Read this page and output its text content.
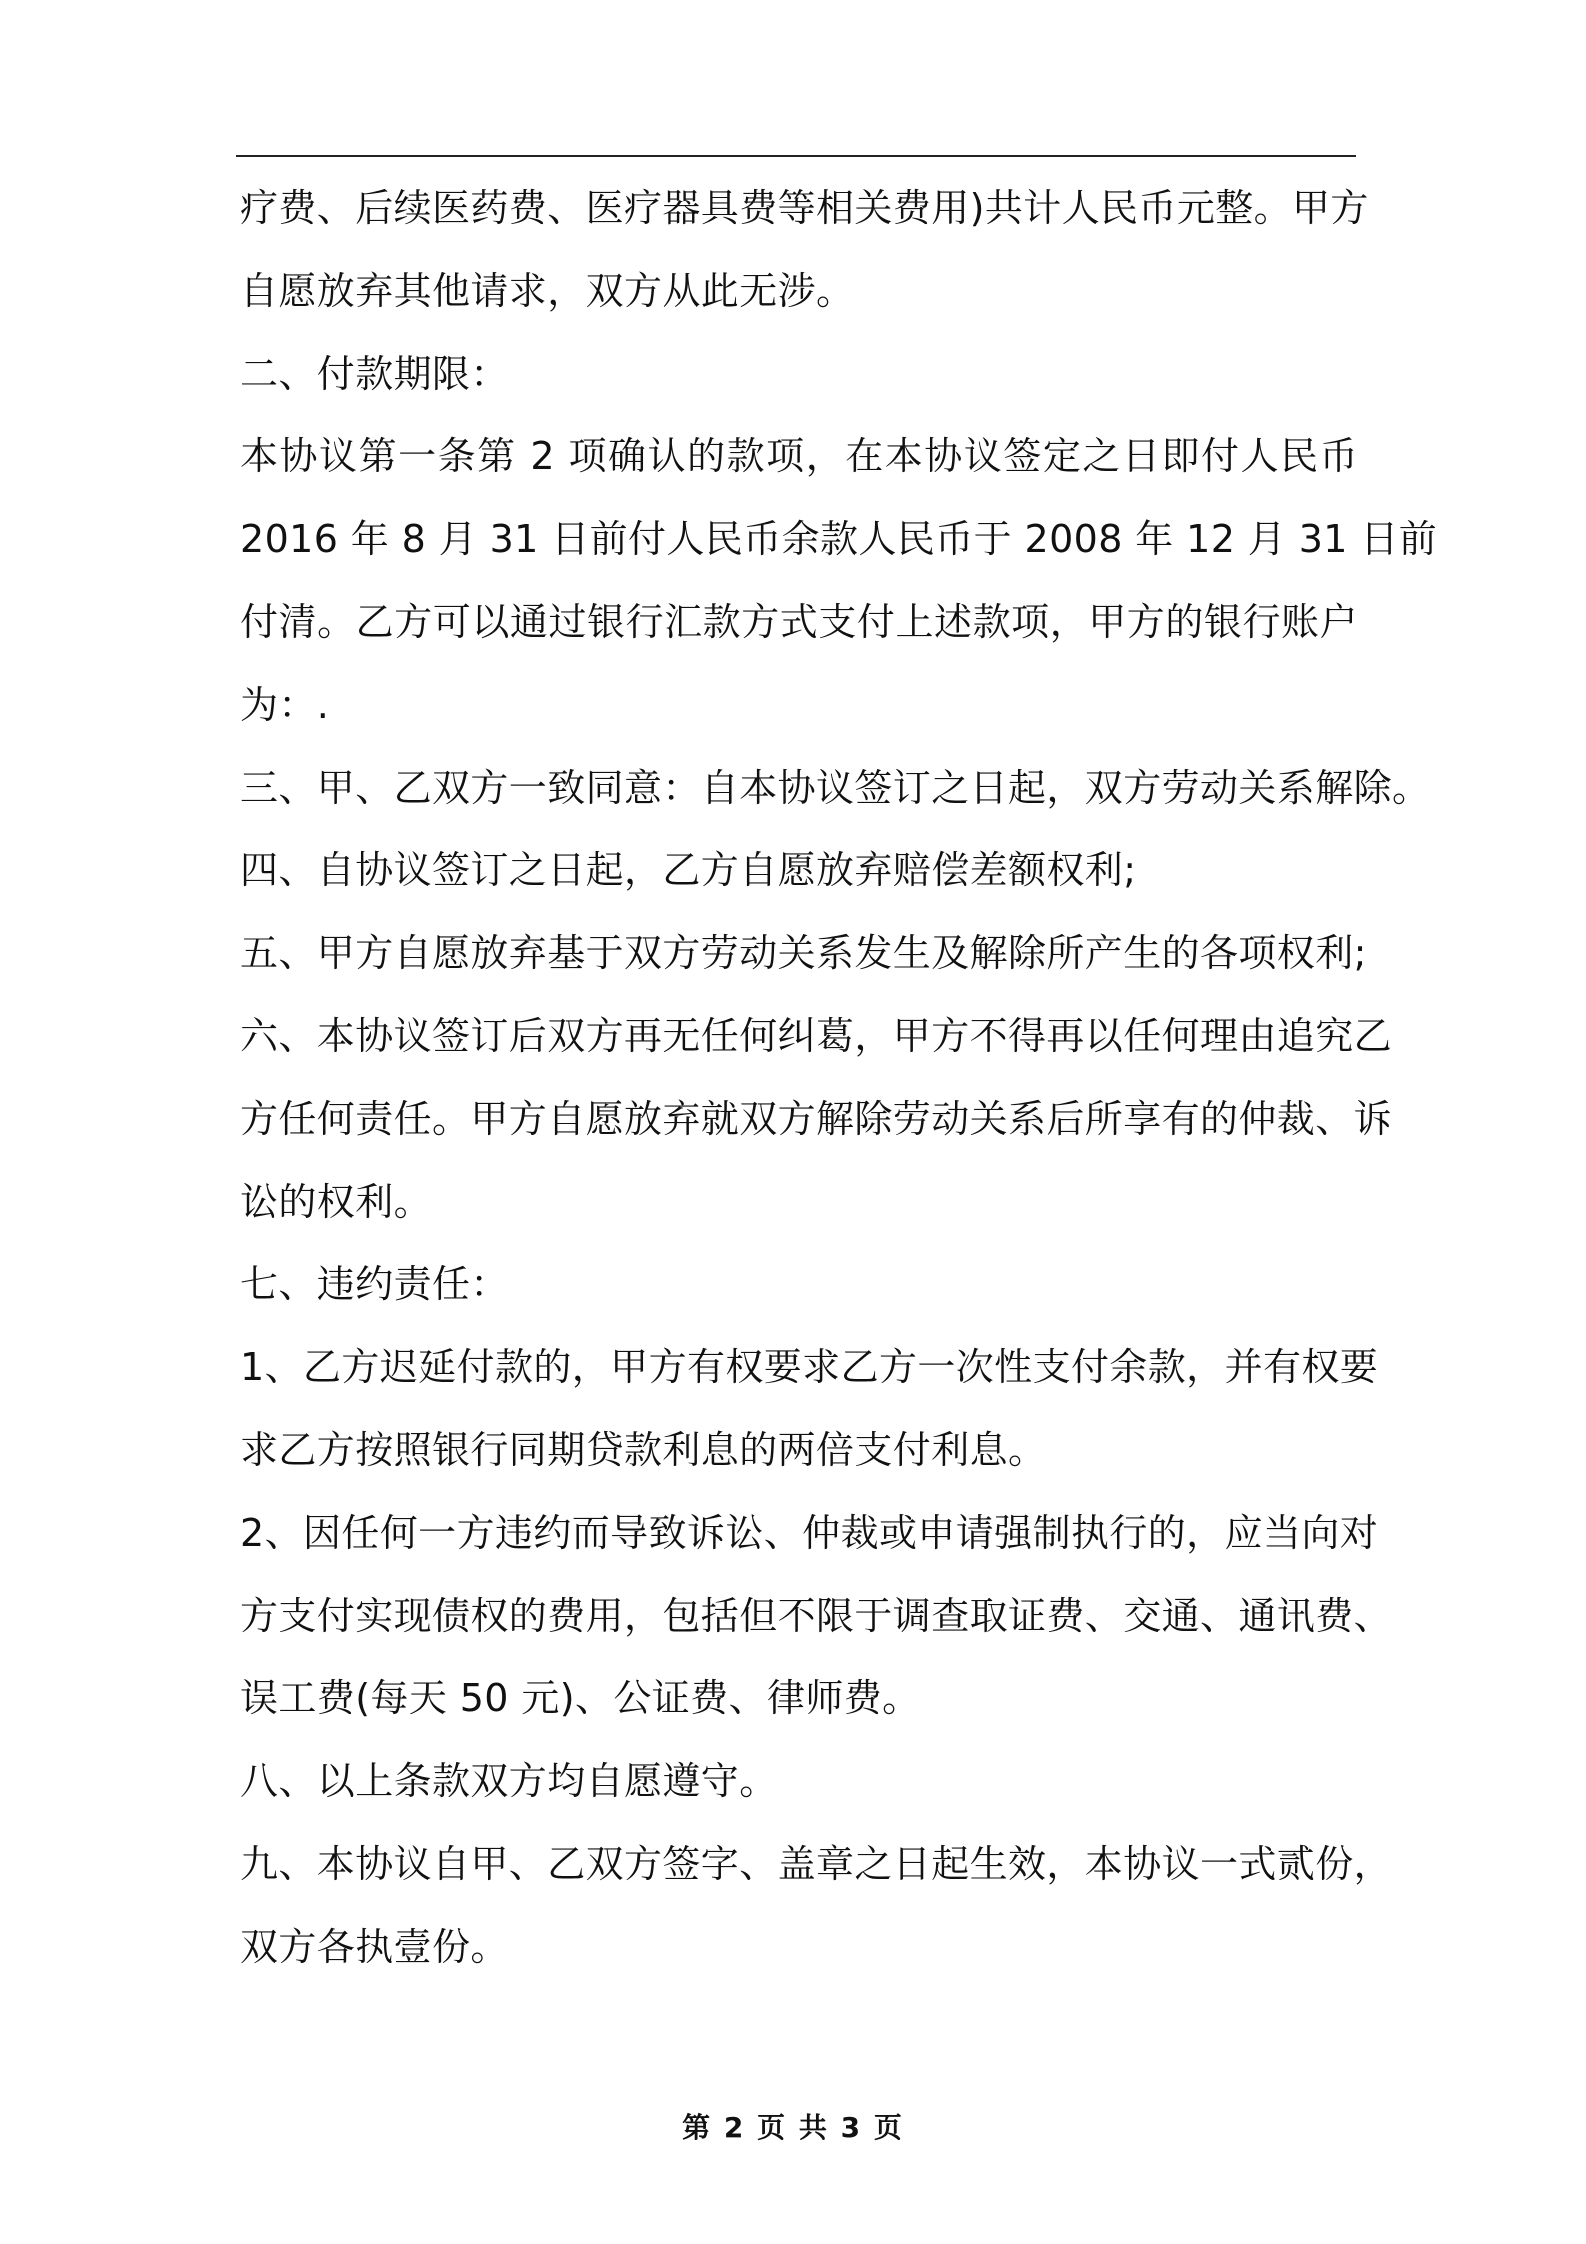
疗费、后续医药费、医疗器具费等相关费用)共计人民币元整。甲方
自愿放弃其他请求，双方从此无涉。
二、付款期限：
本协议第一条第 2 项确认的款项，在本协议签定之日即付人民币
2016 年 8 月 31 日前付人民币余款人民币于 2008 年 12 月 31 日前
付清。乙方可以通过银行汇款方式支付上述款项，甲方的银行账户
为：.
三、甲、乙双方一致同意：自本协议签订之日起，双方劳动关系解除。
四、自协议签订之日起，乙方自愿放弃赔偿差额权利;
五、甲方自愿放弃基于双方劳动关系发生及解除所产生的各项权利;
六、本协议签订后双方再无任何纠葛，甲方不得再以任何理由追究乙
方任何责任。甲方自愿放弃就双方解除劳动关系后所享有的仲裁、诉
讼的权利。
七、违约责任：
1、乙方迟延付款的，甲方有权要求乙方一次性支付余款，并有权要
求乙方按照银行同期贷款利息的两倍支付利息。
2、因任何一方违约而导致诉讼、仲裁或申请强制执行的，应当向对
方支付实现债权的费用，包括但不限于调查取证费、交通、通讯费、
误工费(每天 50 元)、公证费、律师费。
八、以上条款双方均自愿遵守。
九、本协议自甲、乙双方签字、盖章之日起生效，本协议一式贰份，
双方各执壹份。
第 2 页 共 3 页
